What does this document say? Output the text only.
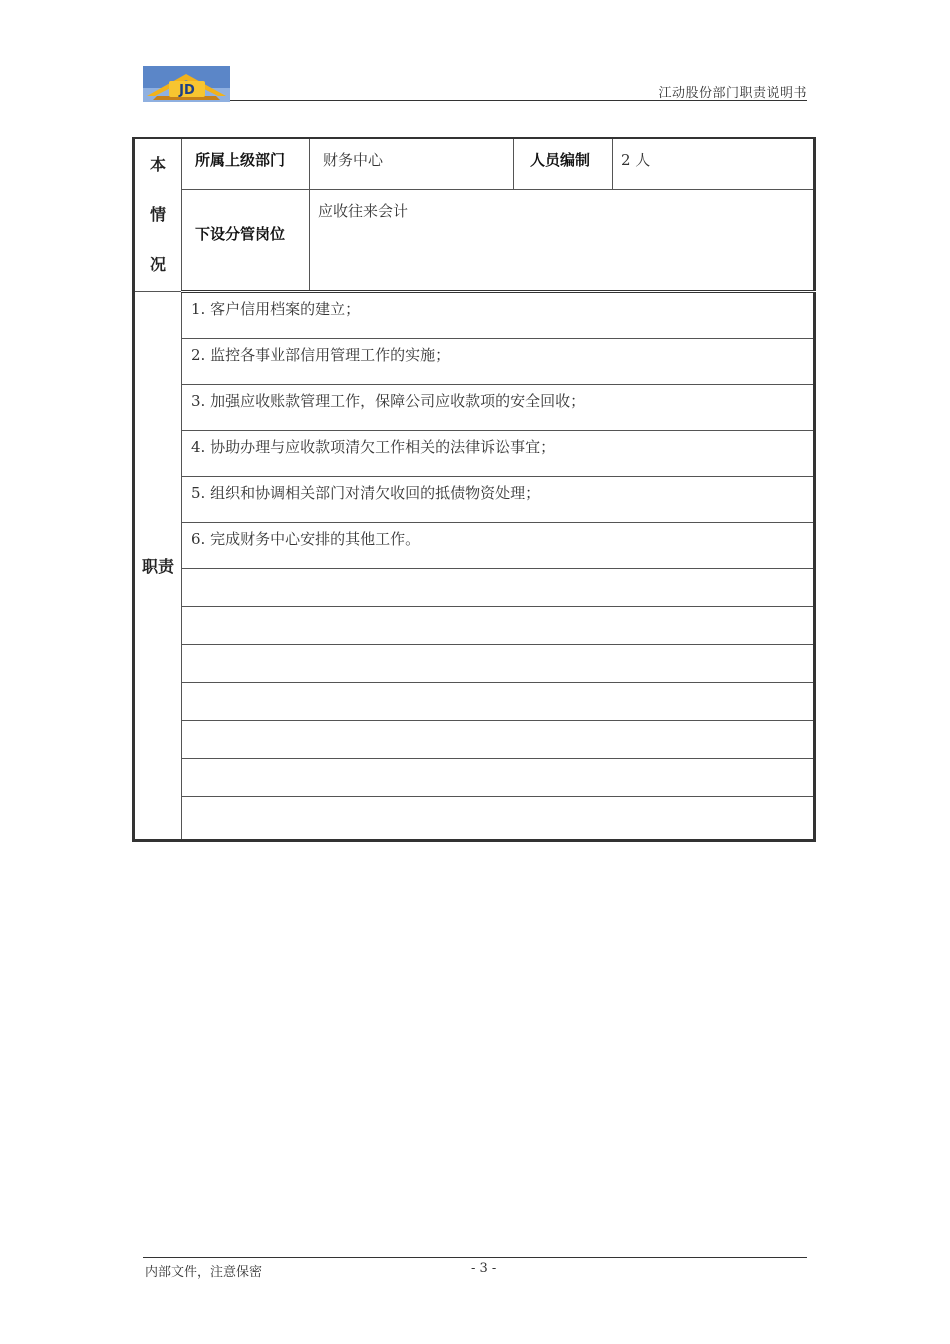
JD	江动股份部门职责说明书
本
情
况	所属上级部门	财务中心	人员编制	2 人

	下设分管岗位	应收往来会计		

职责	1. 客户信用档案的建立；			

	2. 监控各事业部信用管理工作的实施；			

	3. 加强应收账款管理工作，保障公司应收款项的安全回收；			

	4. 协助办理与应收款项清欠工作相关的法律诉讼事宜；			

	5. 组织和协调相关部门对清欠收回的抵债物资处理；			

	6. 完成财务中心安排的其他工作。			

内部文件，注意保密	- 3 -
